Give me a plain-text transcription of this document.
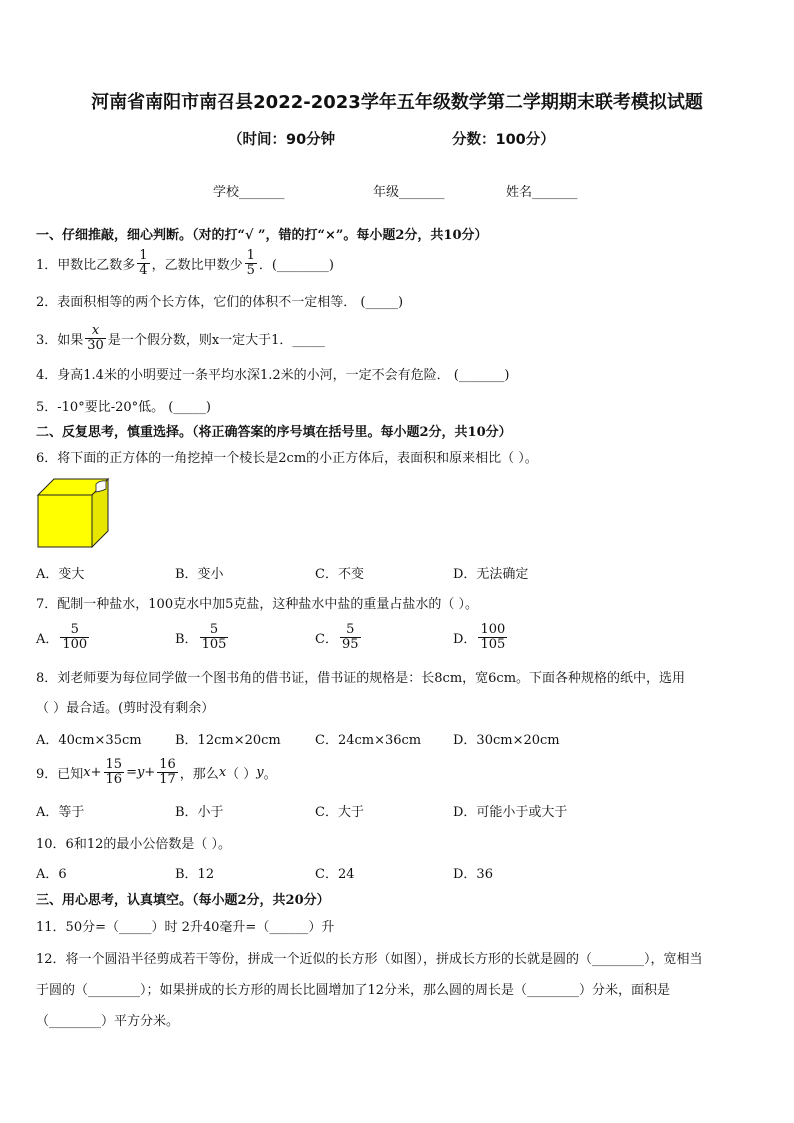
河南省南阳市南召县2022-2023学年五年级数学第二学期期末联考模拟试题
（时间：90分钟	分数：100分）
学校_______	年级_______	姓名_______
一、仔细推敲，细心判断。（对的打“√ ”，错的打“×”。每小题2分，共10分）
1．甲数比乙数多 $\frac{1}{4}$ ，乙数比甲数少 $\frac{1}{5}$ ．(________)
2．表面积相等的两个长方体，它们的体积不一定相等． (_____)
3．如果 $\frac{x}{30}$ 是一个假分数，则x一定大于1．_____
4．身高1.4米的小明要过一条平均水深1.2米的小河，一定不会有危险． (_______)
5．-10°要比-20°低。 (_____)
二、反复思考，慎重选择。（将正确答案的序号填在括号里。每小题2分，共10分）
6．将下面的正方体的一角挖掉一个棱长是2cm的小正方体后，表面积和原来相比（ ）。
A．变大	B．变小	C．不变	D．无法确定
7．配制一种盐水，100克水中加5克盐，这种盐水中盐的重量占盐水的（ ）。
A． $\frac{5}{100}$	B． $\frac{5}{105}$	C． $\frac{5}{95}$	D． $\frac{100}{105}$
8．刘老师要为每位同学做一个图书角的借书证，借书证的规格是：长8cm，宽6cm。下面各种规格的纸中，选用
（ ）最合适。(剪时没有剩余）
A．40cm×35cm	B．12cm×20cm	C．24cm×36cm D．30cm×20cm
9．已知 $x + \frac{15}{16} = y + \frac{16}{17}$ ，那么 x （ ） y 。
A．等于	B．小于	C．大于	D．可能小于或大于
10．6和12的最小公倍数是（ ）。
A．6	B．12	C．24	D．36
三、用心思考，认真填空。（每小题2分，共20分）
11．50分=（_____）时 2升40毫升=（______）升
12．将一个圆沿半径剪成若干等份，拼成一个近似的长方形（如图），拼成长方形的长就是圆的（________），宽相当
于圆的（________）；如果拼成的长方形的周长比圆增加了12分米，那么圆的周长是（________）分米，面积是
（________）平方分米。
